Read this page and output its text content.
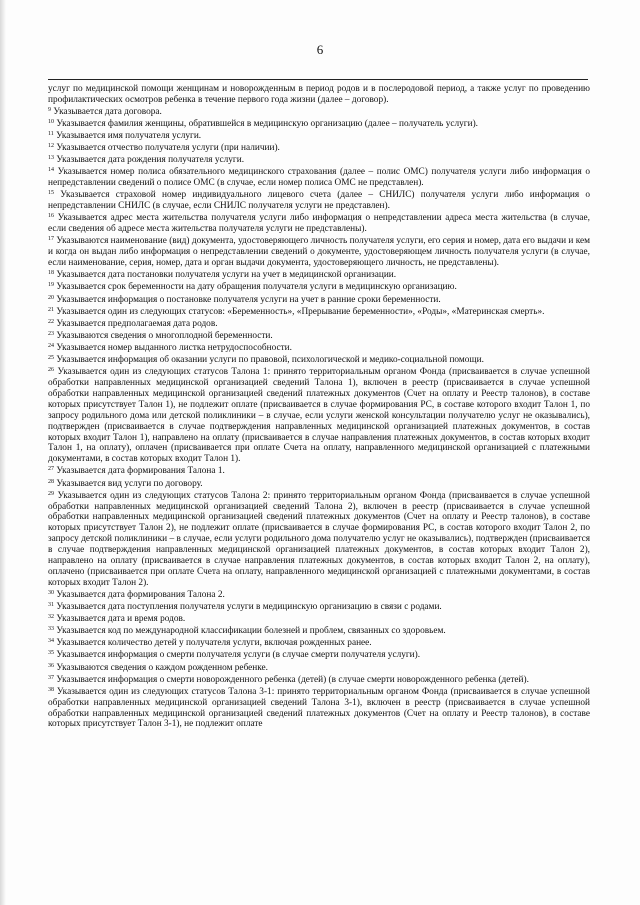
6

услуг по медицинской помощи женщинам и новорожденным в период родов и в послеродовой период, а также услуг по проведению профилактических осмотров ребенка в течение первого года жизни (далее – договор).

$^9$ Указывается дата договора.

$^{10}$ Указывается фамилия женщины, обратившейся в медицинскую организацию (далее – получатель услуги).

$^{11}$ Указывается имя получателя услуги.

$^{12}$ Указывается отчество получателя услуги (при наличии).

$^{13}$ Указывается дата рождения получателя услуги.

$^{14}$ Указывается номер полиса обязательного медицинского страхования (далее – полис ОМС) получателя услуги либо информация о непредставлении сведений о полисе ОМС (в случае, если номер полиса ОМС не представлен).

$^{15}$ Указывается страховой номер индивидуального лицевого счета (далее – СНИЛС) получателя услуги либо информация о непредставлении СНИЛС (в случае, если СНИЛС получателя услуги не представлен).

$^{16}$ Указывается адрес места жительства получателя услуги либо информация о непредставлении адреса места жительства (в случае, если сведения об адресе места жительства получателя услуги не представлены).

$^{17}$ Указываются наименование (вид) документа, удостоверяющего личность получателя услуги, его серия и номер, дата его выдачи и кем и когда он выдан либо информация о непредставлении сведений о документе, удостоверяющем личность получателя услуги (в случае, если наименование, серия, номер, дата и орган выдачи документа, удостоверяющего личность, не представлены).

$^{18}$ Указывается дата постановки получателя услуги на учет в медицинской организации.

$^{19}$ Указывается срок беременности на дату обращения получателя услуги в медицинскую организацию.

$^{20}$ Указывается информация о постановке получателя услуги на учет в ранние сроки беременности.

$^{21}$ Указывается один из следующих статусов: «Беременность», «Прерывание беременности», «Роды», «Материнская смерть».

$^{22}$ Указывается предполагаемая дата родов.

$^{23}$ Указываются сведения о многоплодной беременности.

$^{24}$ Указывается номер выданного листка нетрудоспособности.

$^{25}$ Указывается информация об оказании услуги по правовой, психологической и медико-социальной помощи.

$^{26}$ Указывается один из следующих статусов Талона 1: принято территориальным органом Фонда (присваивается в случае успешной обработки направленных медицинской организацией сведений Талона 1), включен в реестр (присваивается в случае успешной обработки направленных медицинской организацией сведений платежных документов (Счет на оплату и Реестр талонов), в составе которых присутствует Талон 1), не подлежит оплате (присваивается в случае формирования РС, в составе которого входит Талон 1, по запросу родильного дома или детской поликлиники – в случае, если услуги женской консультации получателю услуг не оказывались), подтвержден (присваивается в случае подтверждения направленных медицинской организацией платежных документов, в состав которых входит Талон 1), направлено на оплату (присваивается в случае направления платежных документов, в состав которых входит Талон 1, на оплату), оплачен (присваивается при оплате Счета на оплату, направленного медицинской организацией с платежными документами, в состав которых входит Талон 1).

$^{27}$ Указывается дата формирования Талона 1.

$^{28}$ Указывается вид услуги по договору.

$^{29}$ Указывается один из следующих статусов Талона 2: принято территориальным органом Фонда (присваивается в случае успешной обработки направленных медицинской организацией сведений Талона 2), включен в реестр (присваивается в случае успешной обработки направленных медицинской организацией сведений платежных документов (Счет на оплату и Реестр талонов), в составе которых присутствует Талон 2), не подлежит оплате (присваивается в случае формирования РС, в состав которого входит Талон 2, по запросу детской поликлиники – в случае, если услуги родильного дома получателю услуг не оказывались), подтвержден (присваивается в случае подтверждения направленных медицинской организацией платежных документов, в состав которых входит Талон 2), направлено на оплату (присваивается в случае направления платежных документов, в состав которых входит Талон 2, на оплату), оплачено (присваивается при оплате Счета на оплату, направленного медицинской организацией с платежными документами, в состав которых входит Талон 2).

$^{30}$ Указывается дата формирования Талона 2.

$^{31}$ Указывается дата поступления получателя услуги в медицинскую организацию в связи с родами.

$^{32}$ Указывается дата и время родов.

$^{33}$ Указывается код по международной классификации болезней и проблем, связанных со здоровьем.

$^{34}$ Указывается количество детей у получателя услуги, включая рожденных ранее.

$^{35}$ Указывается информация о смерти получателя услуги (в случае смерти получателя услуги).

$^{36}$ Указываются сведения о каждом рожденном ребенке.

$^{37}$ Указывается информация о смерти новорожденного ребенка (детей) (в случае смерти новорожденного ребенка (детей).

$^{38}$ Указывается один из следующих статусов Талона 3-1: принято территориальным органом Фонда (присваивается в случае успешной обработки направленных медицинской организацией сведений Талона 3-1), включен в реестр (присваивается в случае успешной обработки направленных медицинской организацией сведений платежных документов (Счет на оплату и Реестр талонов), в составе которых присутствует Талон 3-1), не подлежит оплате
